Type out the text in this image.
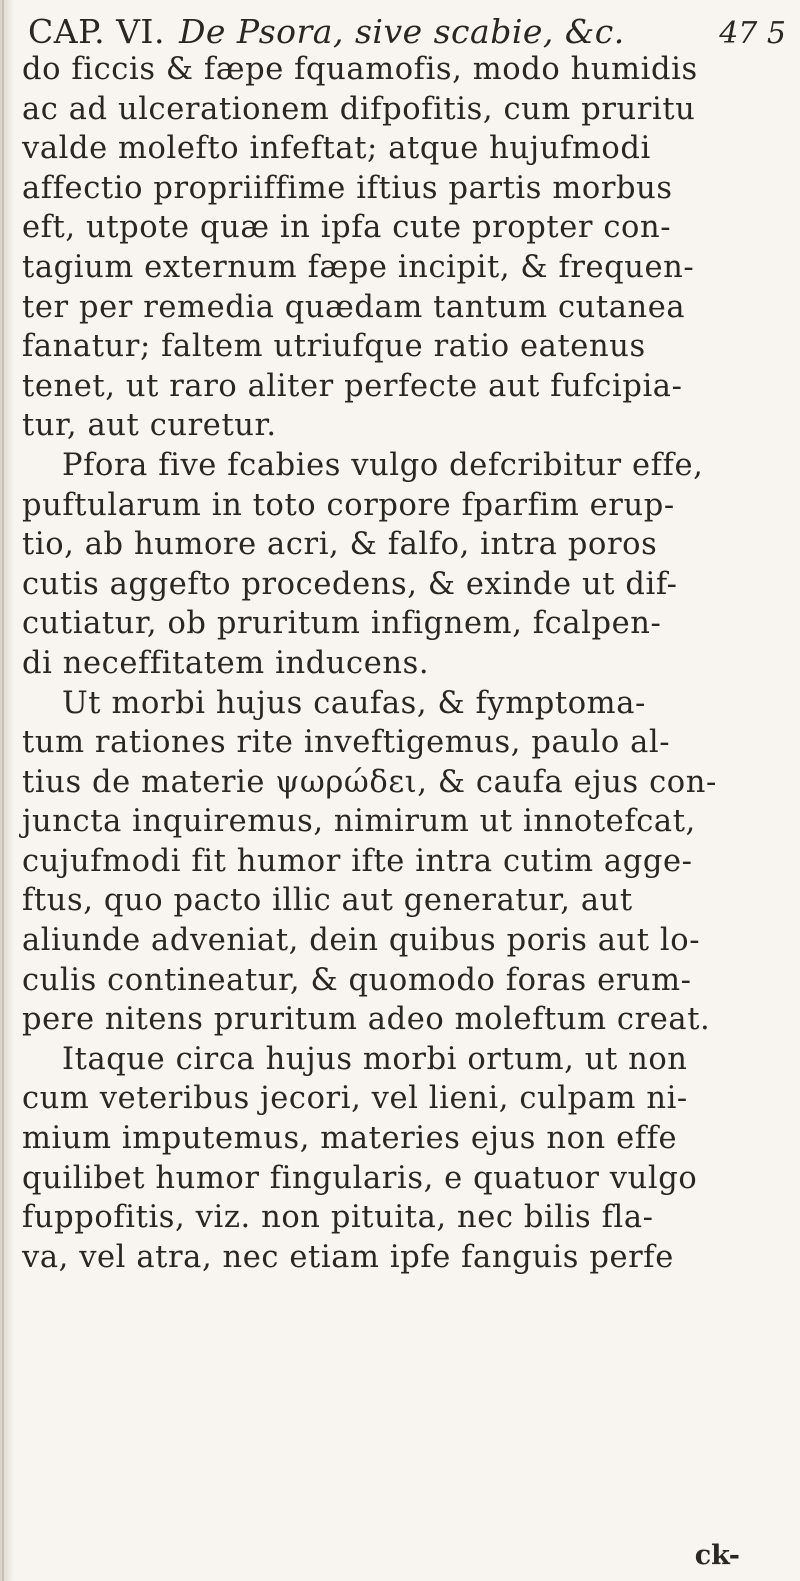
CAP. VI. De Psora, sive scabie, &c.	47 5
do ficcis & fæpe fquamofis, modo humidis
ac ad ulcerationem difpofitis, cum pruritu
valde molefto infeftat; atque hujufmodi
affectio propriiffime iftius partis morbus
eft, utpote quæ in ipfa cute propter con-
tagium externum fæpe incipit, & frequen-
ter per remedia quædam tantum cutanea
fanatur; faltem utriufque ratio eatenus
tenet, ut raro aliter perfecte aut fufcipia-
tur, aut curetur.
Pfora five fcabies vulgo defcribitur effe,
puftularum in toto corpore fparfim erup-
tio, ab humore acri, & falfo, intra poros
cutis aggefto procedens, & exinde ut dif-
cutiatur, ob pruritum infignem, fcalpen-
di neceffitatem inducens.
Ut morbi hujus caufas, & fymptoma-
tum rationes rite inveftigemus, paulo al-
tius de materie ψωρώδει, & caufa ejus con-
juncta inquiremus, nimirum ut innotefcat,
cujufmodi fit humor ifte intra cutim agge-
ftus, quo pacto illic aut generatur, aut
aliunde adveniat, dein quibus poris aut lo-
culis contineatur, & quomodo foras erum-
pere nitens pruritum adeo moleftum creat.
Itaque circa hujus morbi ortum, ut non
cum veteribus jecori, vel lieni, culpam ni-
mium imputemus, materies ejus non effe
quilibet humor fingularis, e quatuor vulgo
fuppofitis, viz. non pituita, nec bilis fla-
va, vel atra, nec etiam ipfe fanguis perfe
ck-
